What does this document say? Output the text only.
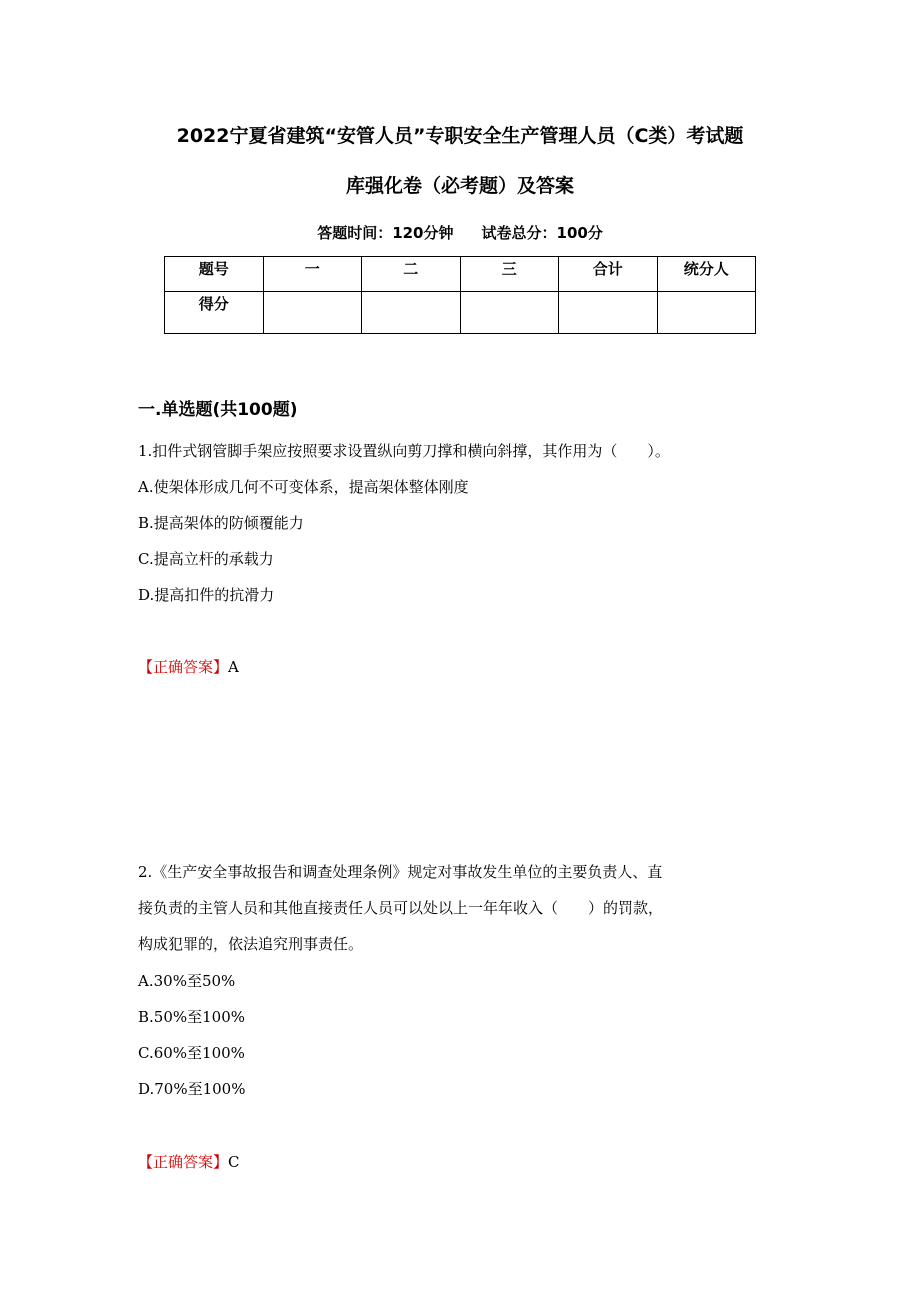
2022宁夏省建筑“安管人员”专职安全生产管理人员（C类）考试题
库强化卷（必考题）及答案
答题时间：120分钟 试卷总分：100分
题号	一	二	三	合计	统分人
得分					
一.单选题(共100题)
1.扣件式钢管脚手架应按照要求设置纵向剪刀撑和横向斜撑，其作用为（　　）。
A.使架体形成几何不可变体系，提高架体整体刚度
B.提高架体的防倾覆能力
C.提高立杆的承载力
D.提高扣件的抗滑力
【正确答案】A
2.《生产安全事故报告和调查处理条例》规定对事故发生单位的主要负责人、直
接负责的主管人员和其他直接责任人员可以处以上一年年收入（　　）的罚款，
构成犯罪的，依法追究刑事责任。
A.30%至50%
B.50%至100%
C.60%至100%
D.70%至100%
【正确答案】C
